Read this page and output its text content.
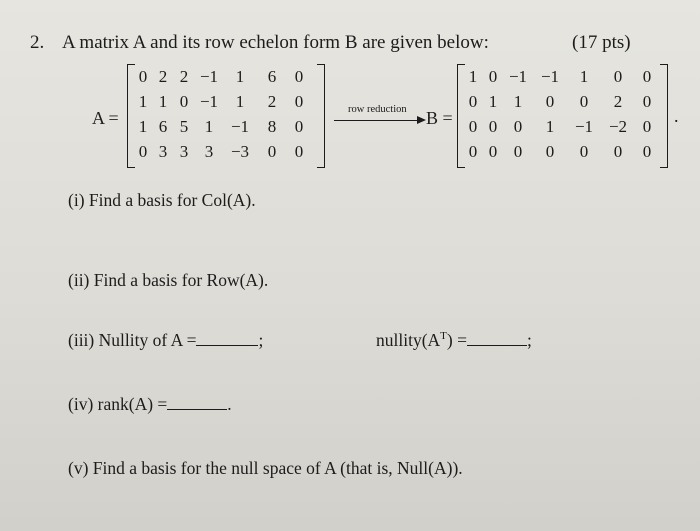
2. A matrix A and its row echelon form B are given below:	(17 pts)
A =
0 2 2 −1 1 6 0
1 1 0 −1 1 2 0
1 6 5 1 −1 8 0
0 3 3 3 −3 0 0
row reduction B =
1 0 −1 −1 1 0 0
0 1 1 0 0 2 0
0 0 0 1 −1 −2 0
0 0 0 0 0 0 0
.
(i) Find a basis for Col(A).
(ii) Find a basis for Row(A).
(iii) Nullity of A =	;	$nullity(A^T)$ =	;
(iv) rank(A) =	.
(v) Find a basis for the null space of A (that is, Null(A)).
